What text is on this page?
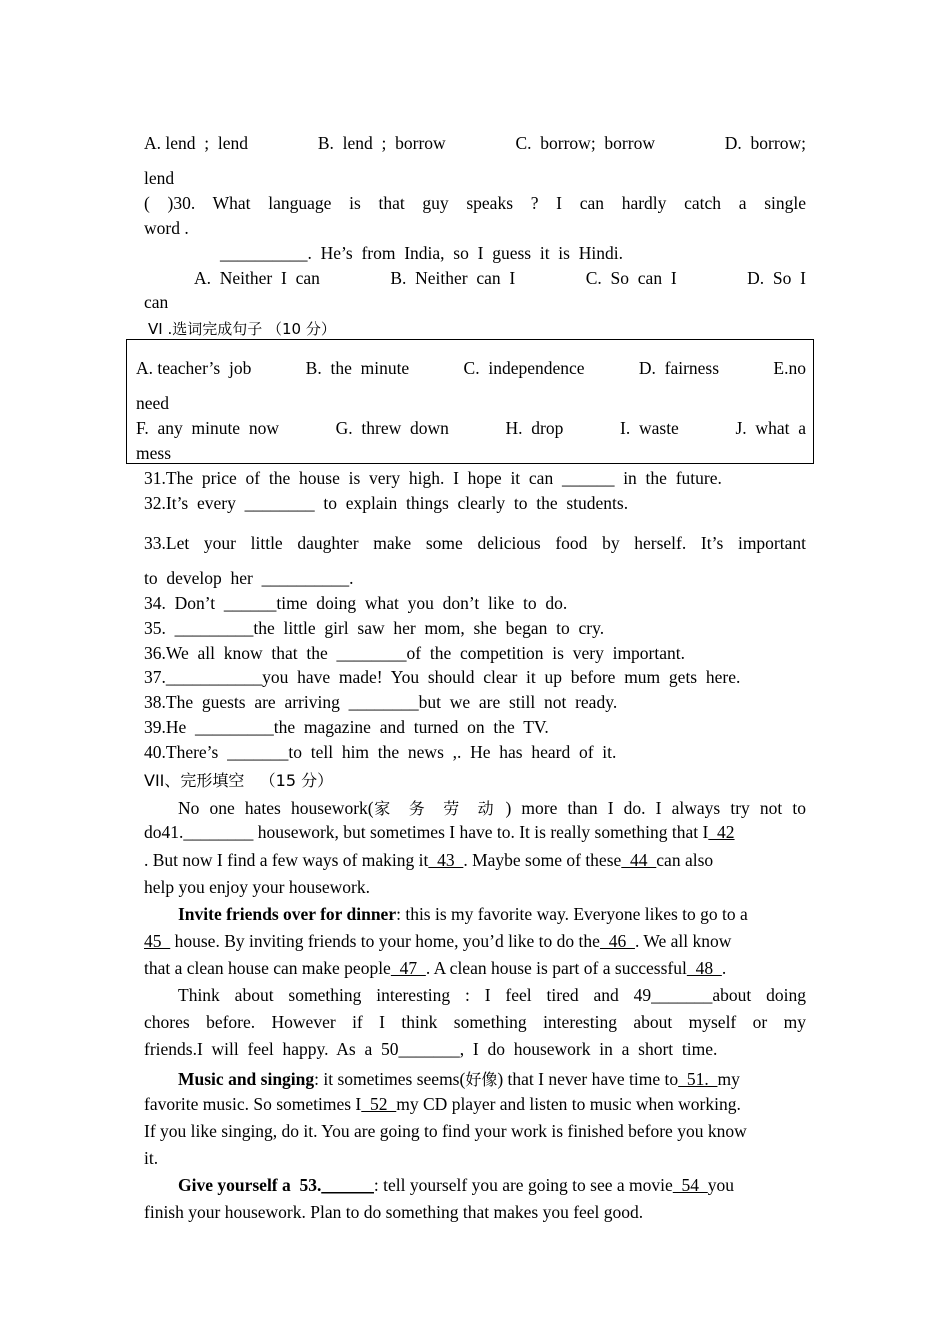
A. lend  ;  lend	B.  lend  ;  borrow	C.  borrow;  borrow	D.  borrow;
lend
( )30. What language is that guy speaks ? I can hardly catch a single
word .
__________.  He’s  from  India,  so  I  guess  it  is  Hindi.
A.  Neither  I  can	B.  Neither  can  I	C.  So  can  I	D.  So  I
can
VI .选词完成句子 （10 分）
A. teacher’s  job	B.  the  minute	C.  independence	D.  fairness	E.no
need
F.  any  minute  now	G.  threw  down	H.  drop	I.  waste	J.  what  a
mess
31.The  price  of  the  house  is  very  high.  I  hope  it  can  ______  in  the  future.
32.It’s  every  ________  to  explain  things  clearly  to  the  students.
33.Let your little daughter make some delicious food by herself. It’s important
to  develop  her  __________.
34.  Don’t  ______time  doing  what  you  don’t  like  to  do.
35.  _________the  little  girl  saw  her  mom,  she  began  to  cry.
36.We  all  know  that  the  ________of  the  competition  is  very  important.
37.___________you  have  made!  You  should  clear  it  up  before  mum  gets  here.
38.The  guests  are  arriving  ________but  we  are  still  not  ready.
39.He  _________the  magazine  and  turned  on  the  TV.
40.There’s  _______to  tell  him  the  news  ,.  He  has  heard  of  it.
VII、完形填空   （15 分）
No  one  hates  housework(家 务 劳 动 )  more  than  I  do.  I  always  try  not  to
do41.________ housework, but sometimes I have to. It is really something that I  42
. But now I find a few ways of making it  43  . Maybe some of these  44  can also
help you enjoy your housework.
Invite friends over for dinner: this is my favorite way. Everyone likes to go to a
45   house. By inviting friends to your home, you’d like to do the  46  . We all know
that a clean house can make people  47  . A clean house is part of a successful  48  .
Think about something interesting : I feel tired and 49_______about doing
chores before. However if I think something interesting about myself or my
friends.I  will  feel  happy.  As  a  50_______,  I  do  housework  in  a  short  time.
Music and singing: it sometimes seems(好像) that I never have time to  51.  my
favorite music. So sometimes I  52  my CD player and listen to music when working.
If you like singing, do it. You are going to find your work is finished before you know
it.
Give yourself a  53.______: tell yourself you are going to see a movie  54  you
finish your housework. Plan to do something that makes you feel good.
